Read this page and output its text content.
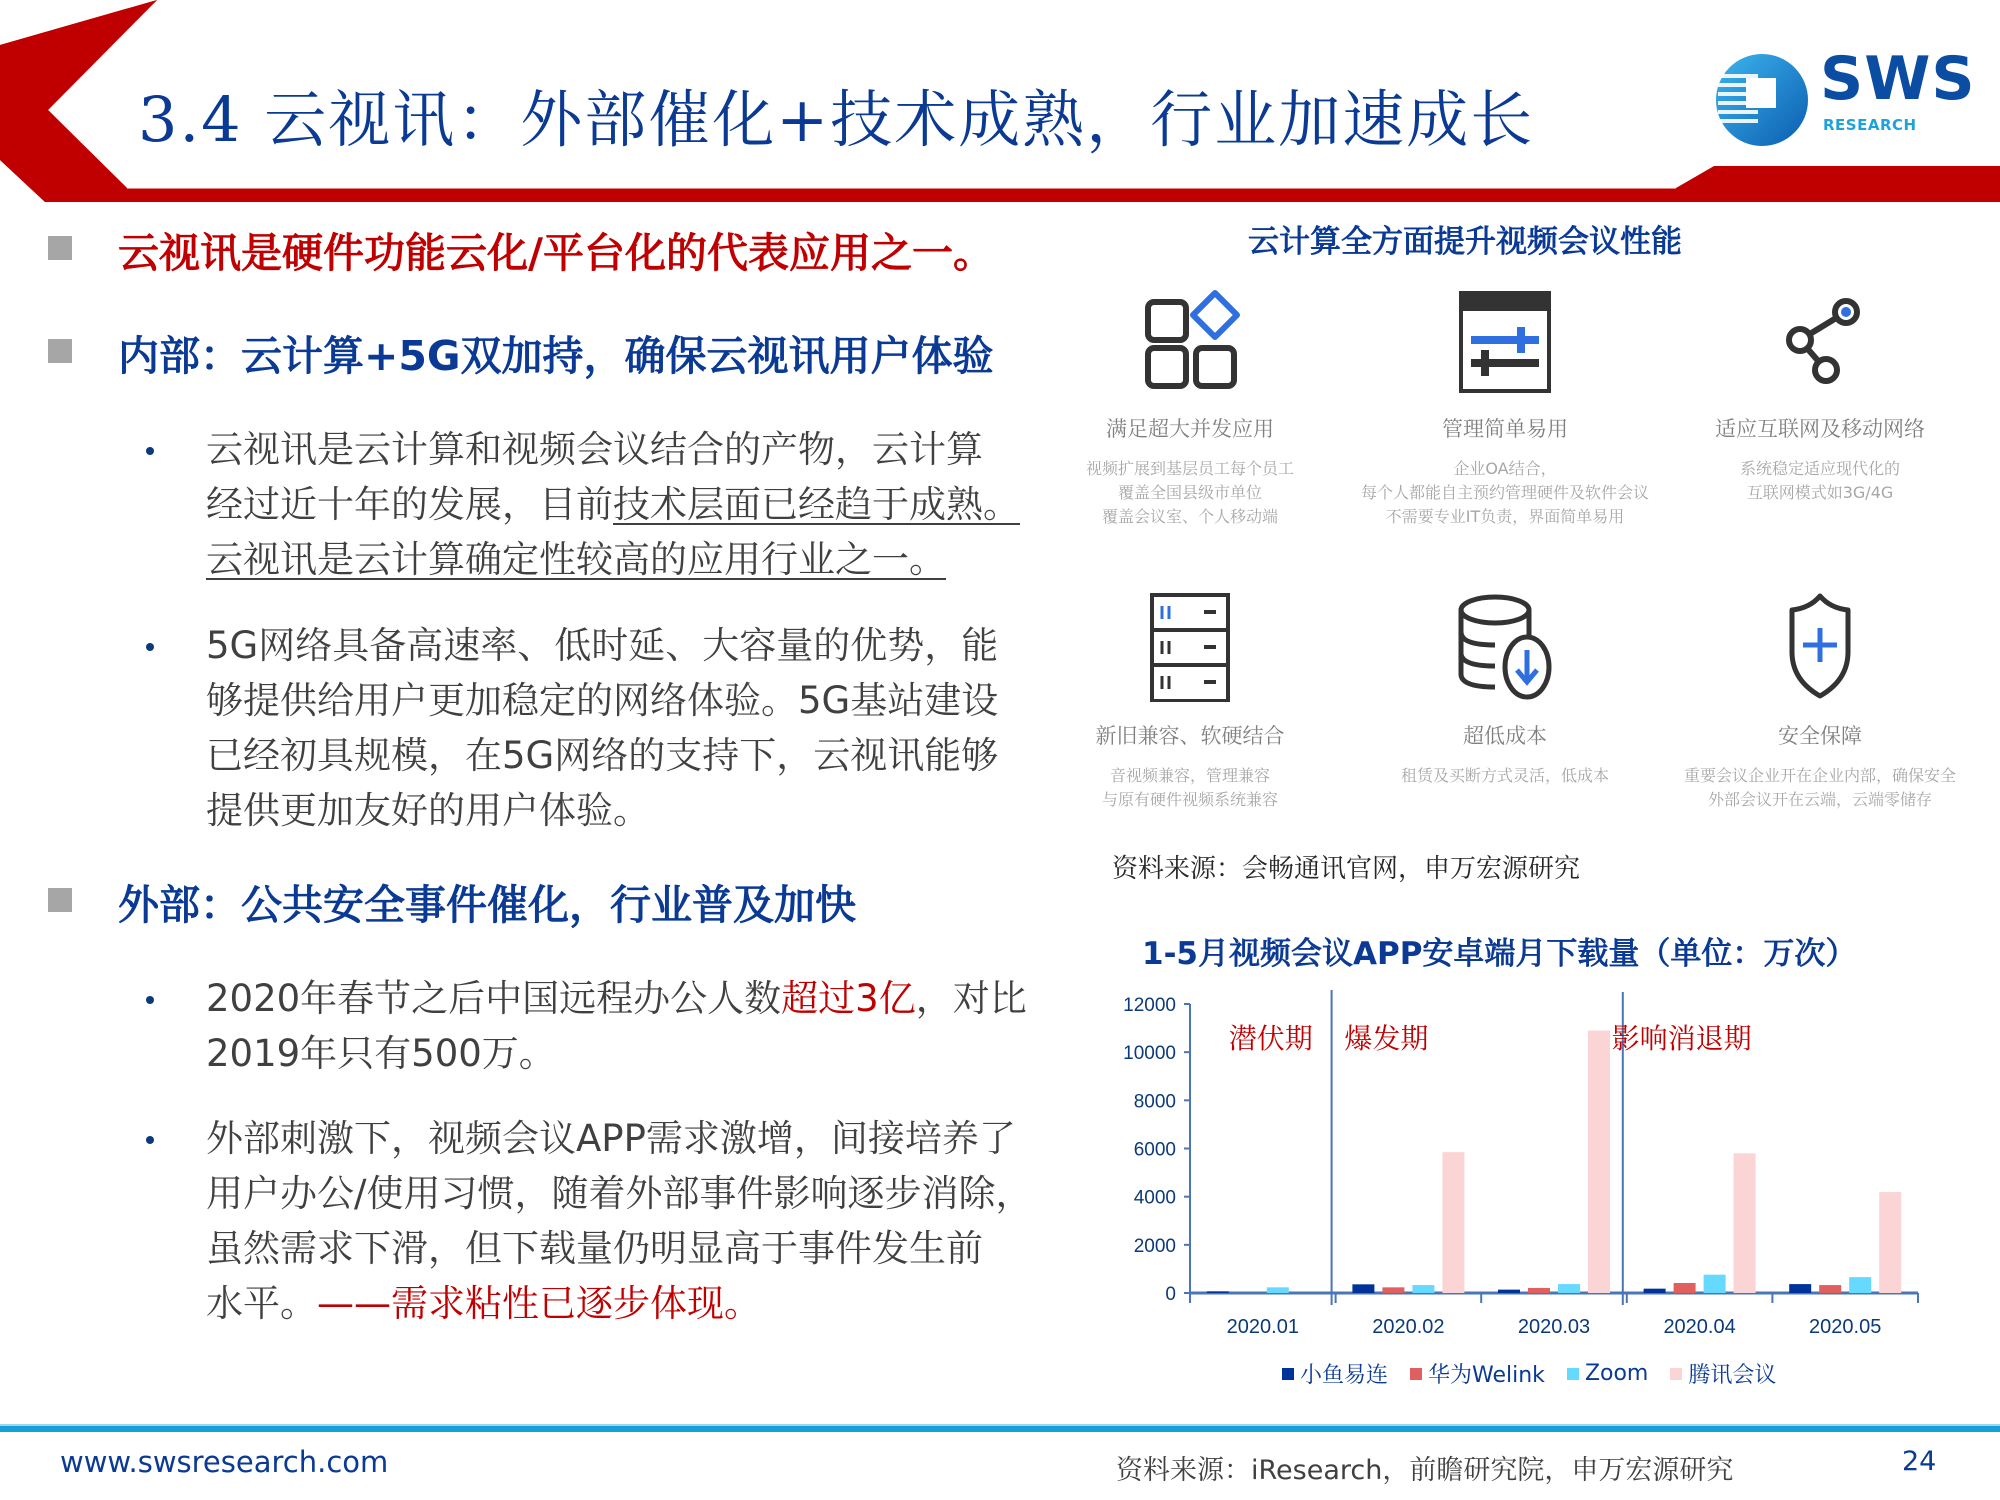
3.4 云视讯：外部催化+技术成熟，行业加速成长
SWS
RESEARCH
云视讯是硬件功能云化/平台化的代表应用之一。
内部：云计算+5G双加持，确保云视讯用户体验
云视讯是云计算和视频会议结合的产物，云计算
经过近十年的发展，目前技术层面已经趋于成熟。
云视讯是云计算确定性较高的应用行业之一。
5G网络具备高速率、低时延、大容量的优势，能
够提供给用户更加稳定的网络体验。5G基站建设
已经初具规模，在5G网络的支持下，云视讯能够
提供更加友好的用户体验。
外部：公共安全事件催化，行业普及加快
2020年春节之后中国远程办公人数超过3亿，对比
2019年只有500万。
外部刺激下，视频会议APP需求激增，间接培养了
用户办公/使用习惯，随着外部事件影响逐步消除，
虽然需求下滑，但下载量仍明显高于事件发生前
水平。——需求粘性已逐步体现。
云计算全方面提升视频会议性能
满足超大并发应用
视频扩展到基层员工每个员工
覆盖全国县级市单位
覆盖会议室、个人移动端
管理简单易用
企业OA结合，
每个人都能自主预约管理硬件及软件会议
不需要专业IT负责，界面简单易用
适应互联网及移动网络
系统稳定适应现代化的
互联网模式如3G/4G
新旧兼容、软硬结合
音视频兼容，管理兼容
与原有硬件视频系统兼容
超低成本
租赁及买断方式灵活，低成本
安全保障
重要会议企业开在企业内部，确保安全
外部会议开在云端，云端零储存
资料来源：会畅通讯官网，申万宏源研究
1-5月视频会议APP安卓端月下载量（单位：万次）
0
2000
4000
6000
8000
10000
12000
2020.01	2020.02	2020.03	2020.04	2020.05
潜伏期 爆发期	影响消退期
小鱼易连 华为Welink Zoom 腾讯会议
www.swsresearch.com	资料来源：iResearch，前瞻研究院，申万宏源研究	24
